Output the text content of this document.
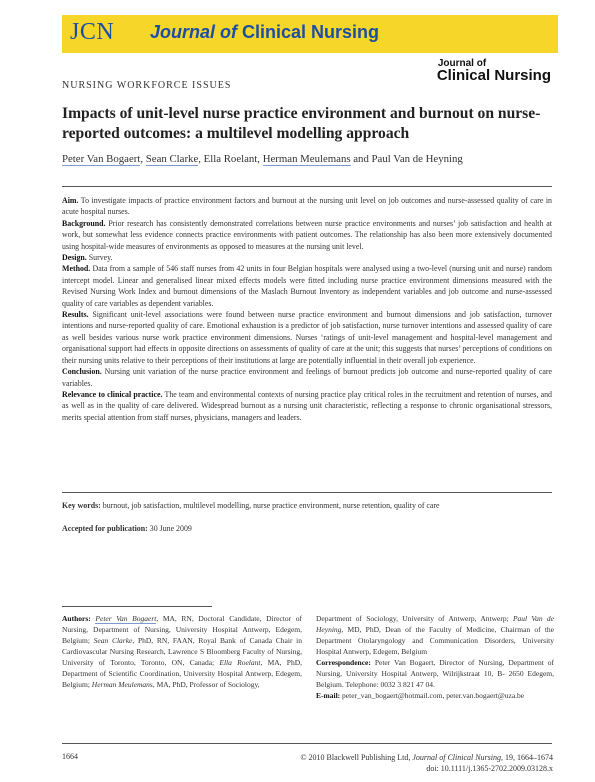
JCN Journal of Clinical Nursing
Journal of
Clinical Nursing
NURSING WORKFORCE ISSUES
Impacts of unit-level nurse practice environment and burnout on nurse-reported outcomes: a multilevel modelling approach
Peter Van Bogaert, Sean Clarke, Ella Roelant, Herman Meulemans and Paul Van de Heyning

Aim. To investigate impacts of practice environment factors and burnout at the nursing unit level on job outcomes and nurse-assessed quality of care in acute hospital nurses.

Background. Prior research has consistently demonstrated correlations between nurse practice environments and nurses’ job satisfaction and health at work, but somewhat less evidence connects practice environments with patient outcomes. The relationship has also been more extensively documented using hospital-wide measures of environments as opposed to measures at the nursing unit level.

Design. Survey.

Method. Data from a sample of 546 staff nurses from 42 units in four Belgian hospitals were analysed using a two-level (nursing unit and nurse) random intercept model. Linear and generalised linear mixed effects models were fitted including nurse practice environment dimensions measured with the Revised Nursing Work Index and burnout dimensions of the Maslach Burnout Inventory as independent variables and job outcome and nurse-assessed quality of care variables as dependent variables.

Results. Significant unit-level associations were found between nurse practice environment and burnout dimensions and job satisfaction, turnover intentions and nurse-reported quality of care. Emotional exhaustion is a predictor of job satisfaction, nurse turnover intentions and assessed quality of care as well besides various nurse work practice environment dimensions. Nurses ‘ratings of unit-level management and hospital-level management and organisational support had effects in opposite directions on assessments of quality of care at the unit; this suggests that nurses’ perceptions of conditions on their nursing units relative to their perceptions of their institutions at large are potentially influential in their overall job experience.

Conclusion. Nursing unit variation of the nurse practice environment and feelings of burnout predicts job outcome and nurse-reported quality of care variables.

Relevance to clinical practice. The team and environmental contexts of nursing practice play critical roles in the recruitment and retention of nurses, and as well as in the quality of care delivered. Widespread burnout as a nursing unit characteristic, reflecting a response to chronic organisational stressors, merits special attention from staff nurses, physicians, managers and leaders.

Key words: burnout, job satisfaction, multilevel modelling, nurse practice environment, nurse retention, quality of care
Accepted for publication: 30 June 2009
Authors: Peter Van Bogaert, MA, RN, Doctoral Candidate, Director of Nursing, Department of Nursing, University Hospital Antwerp, Edegem, Belgium; Sean Clarke, PhD, RN, FAAN, Royal Bank of Canada Chair in Cardiovascular Nursing Research, Lawrence S Bloomberg Faculty of Nursing, University of Toronto, Toronto, ON, Canada; Ella Roelant, MA, PhD, Department of Scientific Coordination, University Hospital Antwerp, Edegem, Belgium; Herman Meulemans, MA, PhD, Professor of Sociology,
Department of Sociology, University of Antwerp, Antwerp; Paul Van de Heyning, MD, PhD, Dean of the Faculty of Medicine, Chairman of the Department Otolaryngology and Communication Disorders, University Hospital Antwerp, Edegem, Belgium
Correspondence: Peter Van Bogaert, Director of Nursing, Department of Nursing, University Hospital Antwerp, Wilrijkstraat 10, B- 2650 Edegem, Belgium. Telephone: 0032 3 821 47 04.
E-mail: peter_van_bogaert@hotmail.com, peter.van.bogaert@uza.be
1664	© 2010 Blackwell Publishing Ltd, Journal of Clinical Nursing, 19, 1664–1674
doi: 10.1111/j.1365-2702.2009.03128.x
